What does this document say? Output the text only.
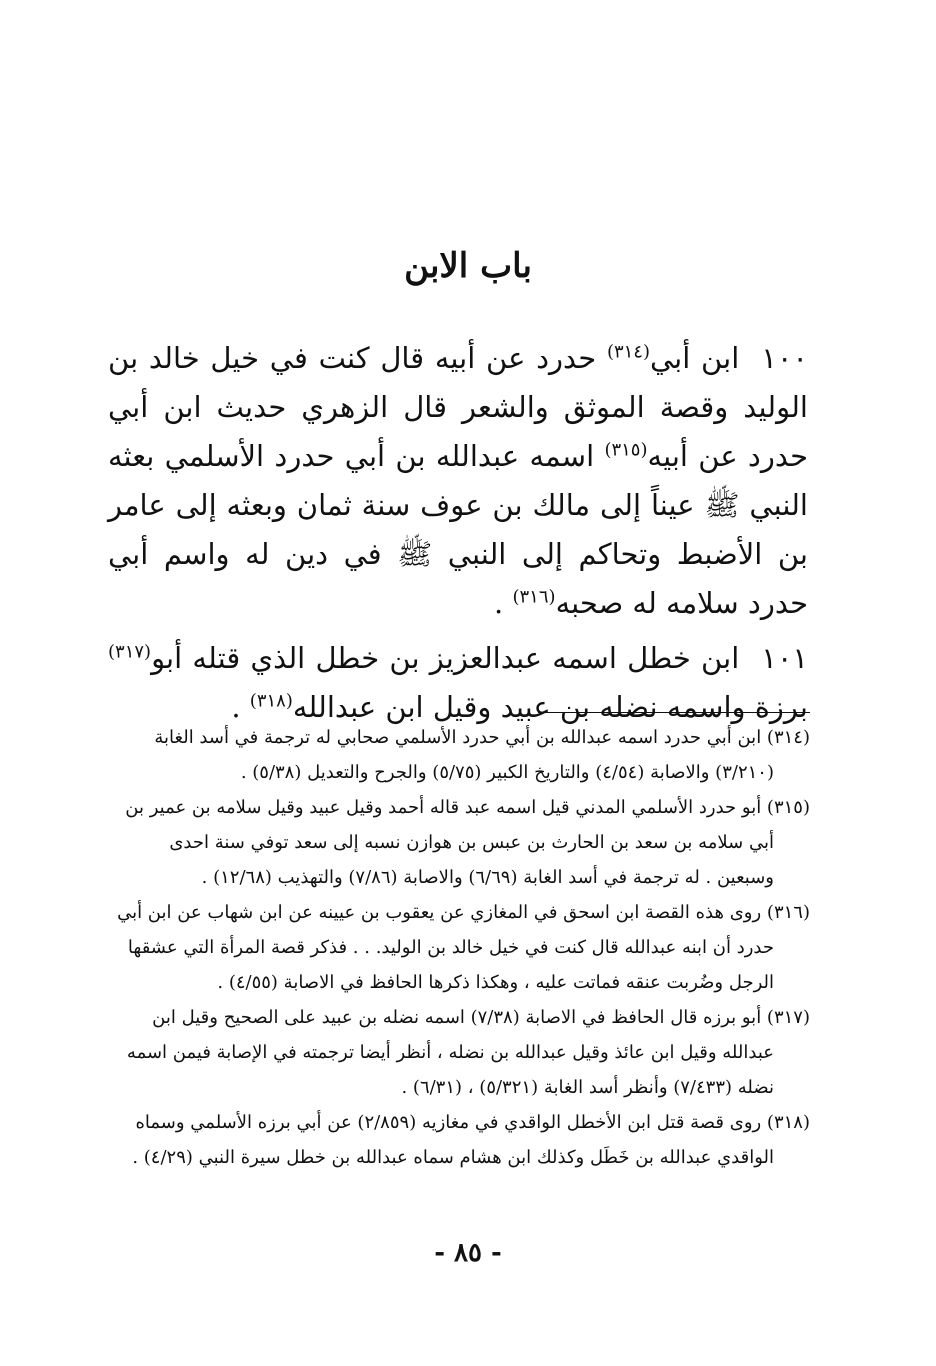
باب الابن

١٠٠ابن أبي$^{(٣١٤)}$ حدرد عن أبيه قال كنت في خيل خالد بن الوليد وقصة الموثق والشعر قال الزهري حديث ابن أبي حدرد عن أبيه$^{(٣١٥)}$ اسمه عبدالله بن أبي حدرد الأسلمي بعثه النبي ﷺ عيناً إلى مالك بن عوف سنة ثمان وبعثه إلى عامر بن الأضبط وتحاكم إلى النبي ﷺ في دين له واسم أبي حدرد سلامه له صحبه$^{(٣١٦)}$ .

١٠١ابن خطل اسمه عبدالعزيز بن خطل الذي قتله أبو$^{(٣١٧)}$ برزة واسمه نضله بن عبيد وقيل ابن عبدالله$^{(٣١٨)}$ .

(٣١٤) ابن أبي حدرد اسمه عبدالله بن أبي حدرد الأسلمي صحابي له ترجمة في أسد الغابة
(٣/٢١٠) والاصابة (٤/٥٤) والتاريخ الكبير (٥/٧٥) والجرح والتعديل (٥/٣٨) .

(٣١٥) أبو حدرد الأسلمي المدني قيل اسمه عبد قاله أحمد وقيل عبيد وقيل سلامه بن عمير بن
أبي سلامه بن سعد بن الحارث بن عبس بن هوازن نسبه إلى سعد توفي سنة احدى وسبعين . له ترجمة في أسد الغابة (٦/٦٩) والاصابة (٧/٨٦) والتهذيب (١٢/٦٨) .

(٣١٦) روى هذه القصة ابن اسحق في المغازي عن يعقوب بن عيينه عن ابن شهاب عن ابن أبي
حدرد أن ابنه عبدالله قال كنت في خيل خالد بن الوليد. . . فذكر قصة المرأة التي عشقها الرجل وضُربت عنقه فماتت عليه ، وهكذا ذكرها الحافظ في الاصابة (٤/٥٥) .

(٣١٧) أبو برزه قال الحافظ في الاصابة (٧/٣٨) اسمه نضله بن عبيد على الصحيح وقيل ابن
عبدالله وقيل ابن عائذ وقيل عبدالله بن نضله ، أنظر أيضا ترجمته في الإصابة فيمن اسمه نضله (٧/٤٣٣) وأنظر أسد الغابة (٥/٣٢١) ، (٦/٣١) .

(٣١٨) روى قصة قتل ابن الأخطل الواقدي في مغازيه (٢/٨٥٩) عن أبي برزه الأسلمي وسماه
الواقدي عبدالله بن خَطَل وكذلك ابن هشام سماه عبدالله بن خطل سيرة النبي (٤/٢٩) .

- ٨٥ -
